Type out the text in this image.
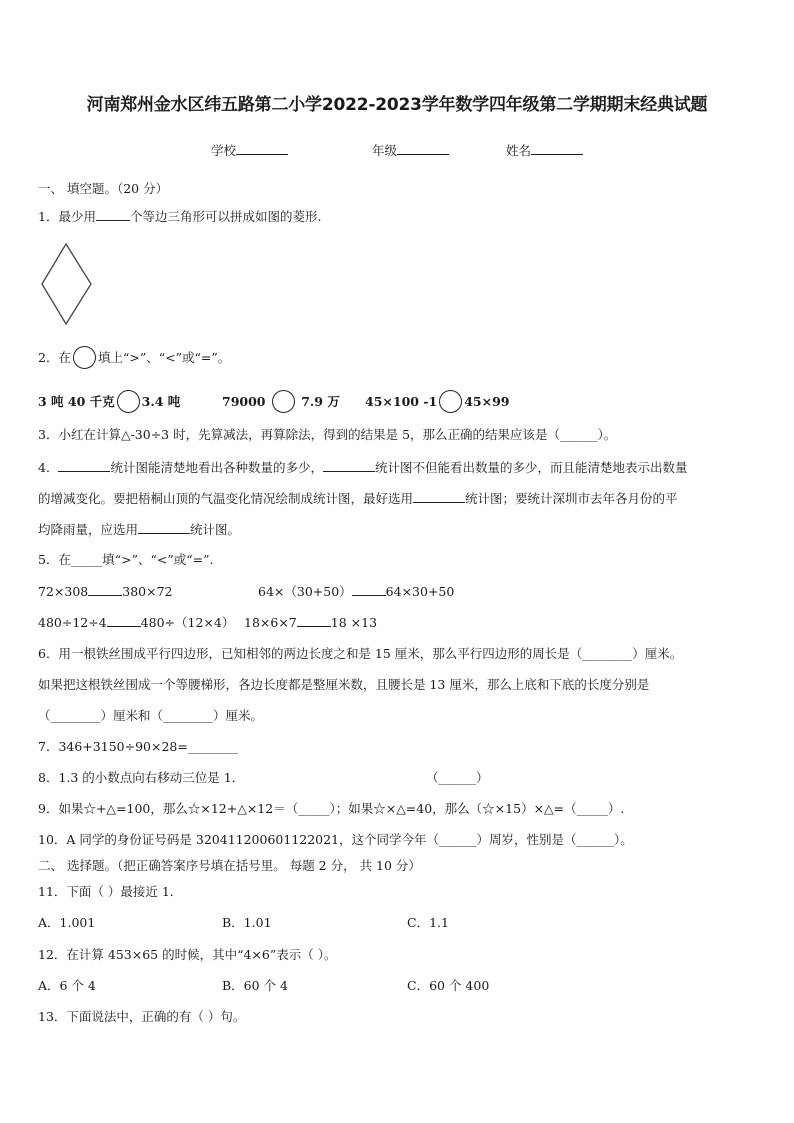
河南郑州金水区纬五路第二小学2022-2023学年数学四年级第二学期期末经典试题
学校	年级	姓名
一、 填空题。（20 分）
1．最少用	个等边三角形可以拼成如图的菱形.
2．在 填上“>”、“<”或“=”。
3 吨 40 千克 3.4 吨	79000	7.9 万 45×100 -1 45×99
3．小红在计算△-30÷3 时，先算减法，再算除法，得到的结果是 5，那么正确的结果应该是（______）。
4．	统计图能清楚地看出各种数量的多少，	统计图不但能看出数量的多少，而且能清楚地表示出数量
的增减变化。要把梧桐山顶的气温变化情况绘制成统计图，最好选用	统计图；要统计深圳市去年各月份的平
均降雨量，应选用	统计图。
5．在_____填“>”、“<”或“=”.
72×308	380×72	64×（30+50）	64×30+50
480÷12÷4	480÷（12×4） 18×6×7	18 ×13
6．用一根铁丝围成平行四边形，已知相邻的两边长度之和是 15 厘米，那么平行四边形的周长是（________）厘米。
如果把这根铁丝围成一个等腰梯形，各边长度都是整厘米数，且腰长是 13 厘米，那么上底和下底的长度分别是
（________）厘米和（________）厘米。
7．346+3150÷90×28=________
8．1.3 的小数点向右移动三位是 1．	（______）
9．如果☆+△=100，那么☆×12+△×12＝（_____）；如果☆×△=40，那么（☆×15）×△=（_____）.
10．A 同学的身份证号码是 320411200601122021，这个同学今年（______）周岁，性别是（______）。
二、 选择题。（把正确答案序号填在括号里。 每题 2 分， 共 10 分）
11．下面（ ）最接近 1．
A．1.001	B．1.01	C．1.1
12．在计算 453×65 的时候，其中“4×6”表示（ ）。
A．6 个 4	B．60 个 4	C．60 个 400
13．下面说法中，正确的有（ ）句。
